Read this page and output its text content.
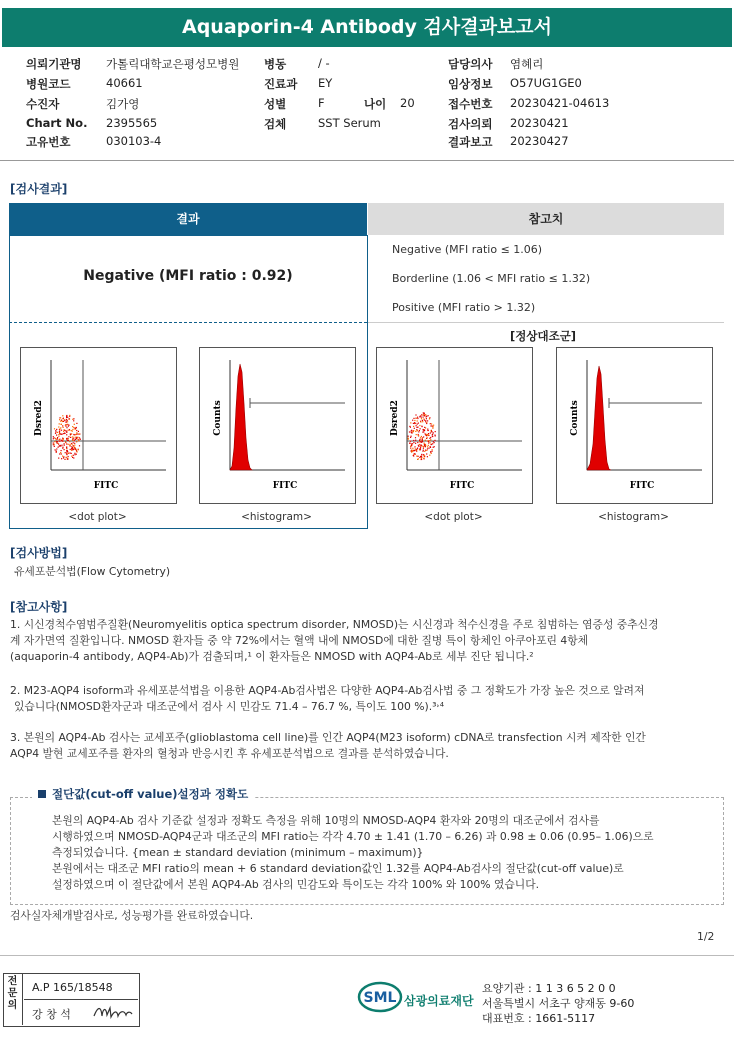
Aquaporin-4 Antibody 검사결과보고서
의뢰기관명 가톨릭대학교은평성모병원
병원코드	40661
수진자	김가영
Chart No. 2395565
고유번호	030103-4
병동	/ -
진료과 EY
성별	F	나이 20
검체	SST Serum
담당의사 염혜리
임상정보 O57UG1GE0
접수번호 20230421-04613
검사의뢰 20230421
결과보고 20230427
[검사결과]
결과	참고치
Negative (MFI ratio : 0.92)
Negative (MFI ratio ≤ 1.06)
Borderline (1.06 < MFI ratio ≤ 1.32)
Positive (MFI ratio > 1.32)
[정상대조군]
Dsred2
FITC
Counts
FITC
Dsred2
FITC
Counts
FITC
<dot plot>	<histogram>	<dot plot>	<histogram>
[검사방법]
유세포분석법(Flow Cytometry)
[참고사항]
1. 시신경척수염범주질환(Neuromyelitis optica spectrum disorder, NMOSD)는 시신경과 척수신경을 주로 침범하는 염증성 중추신경
계 자가면역 질환입니다. NMOSD 환자들 중 약 72%에서는 혈액 내에 NMOSD에 대한 질병 특이 항체인 아쿠아포린 4항체
(aquaporin-4 antibody, AQP4-Ab)가 검출되며,¹ 이 환자들은 NMOSD with AQP4-Ab로 세부 진단 됩니다.²
2. M23-AQP4 isoform과 유세포분석법을 이용한 AQP4-Ab검사법은 다양한 AQP4-Ab검사법 중 그 정확도가 가장 높은 것으로 알려져
있습니다(NMOSD환자군과 대조군에서 검사 시 민감도 71.4 – 76.7 %, 특이도 100 %).³˒⁴
3. 본원의 AQP4-Ab 검사는 교세포주(glioblastoma cell line)를 인간 AQP4(M23 isoform) cDNA로 transfection 시켜 제작한 인간
AQP4 발현 교세포주를 환자의 혈청과 반응시킨 후 유세포분석법으로 결과를 분석하였습니다.
절단값(cut-off value)설정과 정확도
본원의 AQP4-Ab 검사 기준값 설정과 정확도 측정을 위해 10명의 NMOSD-AQP4 환자와 20명의 대조군에서 검사를
시행하였으며 NMOSD-AQP4군과 대조군의 MFI ratio는 각각 4.70 ± 1.41 (1.70 – 6.26) 과 0.98 ± 0.06 (0.95– 1.06)으로
측정되었습니다. {mean ± standard deviation (minimum – maximum)}
본원에서는 대조군 MFI ratio의 mean + 6 standard deviation값인 1.32를 AQP4-Ab검사의 절단값(cut-off value)로
설정하였으며 이 절단값에서 본원 AQP4-Ab 검사의 민감도와 특이도는 각각 100% 와 100% 였습니다.
검사실자체개발검사로, 성능평가를 완료하였습니다.
1/2
전문의
A.P 165/18548
강 창 석
SML 삼광의료재단
요양기관 : 1 1 3 6 5 2 0 0
서울특별시 서초구 양재동 9-60
대표번호 : 1661-5117
